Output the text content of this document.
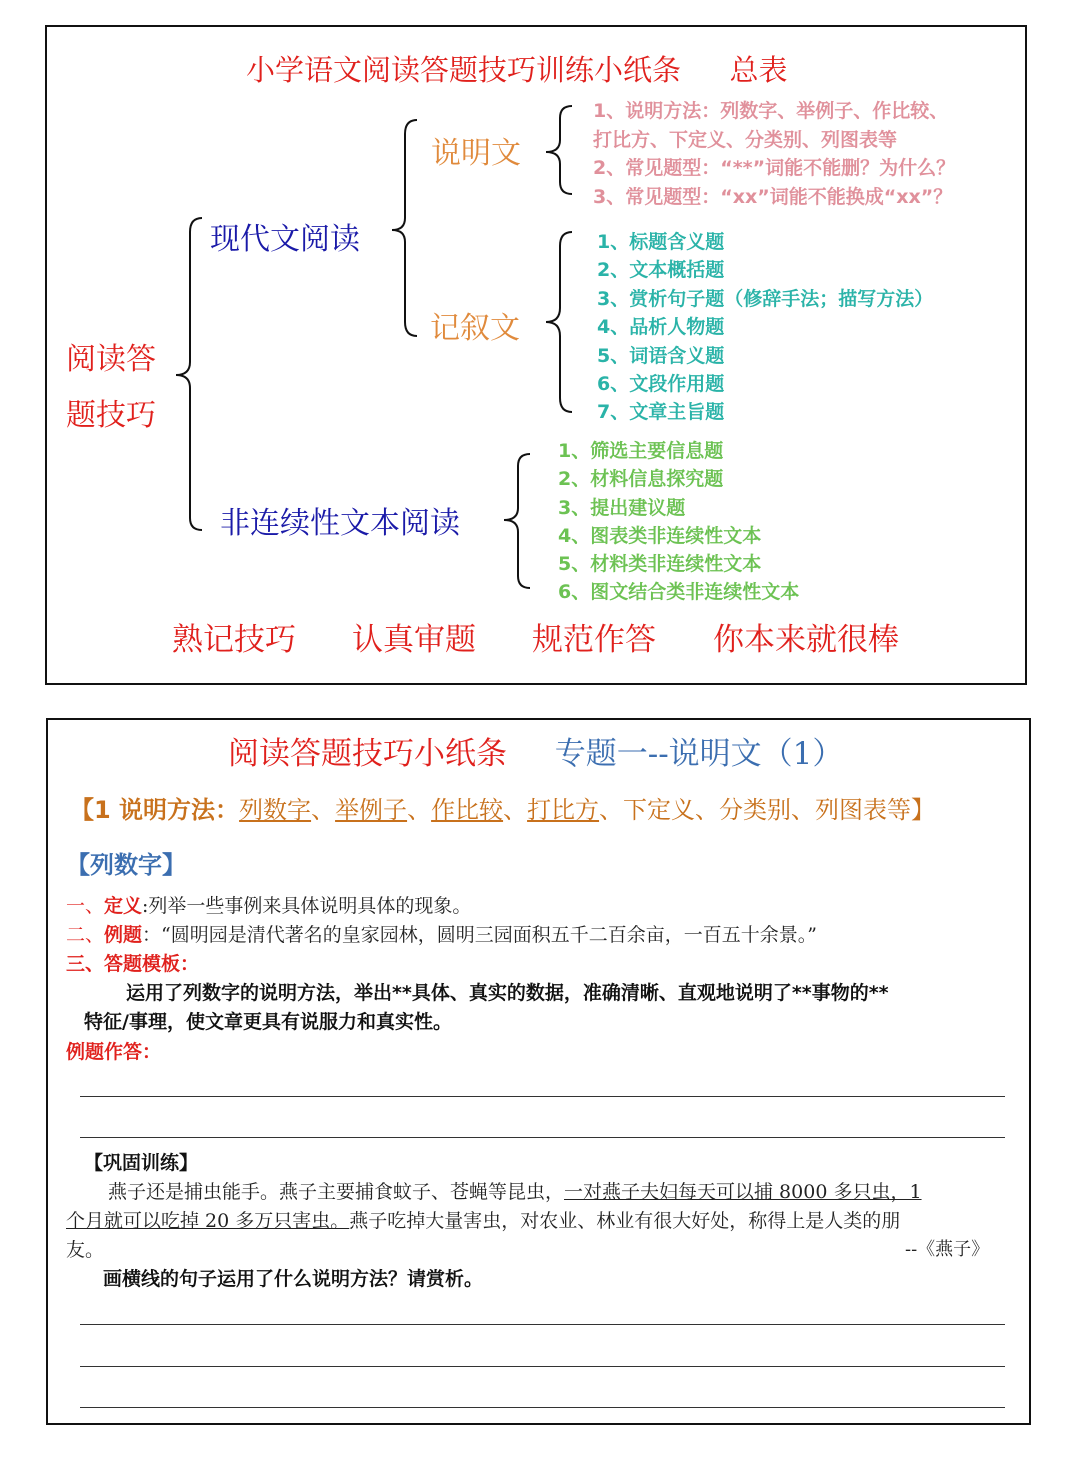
小学语文阅读答题技巧训练小纸条 总表
阅读答
题技巧
现代文阅读
非连续性文本阅读
说明文
记叙文
1、说明方法：列数字、举例子、作比较、
打比方、下定义、分类别、列图表等
2、常见题型：“**”词能不能删？为什么？
3、常见题型：“xx”词能不能换成“xx”？
1、标题含义题
2、文本概括题
3、赏析句子题（修辞手法；描写方法）
4、品析人物题
5、词语含义题
6、文段作用题
7、文章主旨题
1、筛选主要信息题
2、材料信息探究题
3、提出建议题
4、图表类非连续性文本
5、材料类非连续性文本
6、图文结合类非连续性文本
熟记技巧 认真审题 规范作答 你本来就很棒
阅读答题技巧小纸条 专题一--说明文（1）
【1 说明方法：列数字、举例子、作比较、打比方、下定义、分类别、列图表等】
【列数字】
一、定义:列举一些事例来具体说明具体的现象。
二、例题：“圆明园是清代著名的皇家园林，圆明三园面积五千二百余亩，一百五十余景。”
三、答题模板：
运用了列数字的说明方法，举出**具体、真实的数据，准确清晰、直观地说明了**事物的**
特征/事理，使文章更具有说服力和真实性。
例题作答：
【巩固训练】
燕子还是捕虫能手。燕子主要捕食蚊子、苍蝇等昆虫，一对燕子夫妇每天可以捕 8000 多只虫，1
个月就可以吃掉 20 多万只害虫。燕子吃掉大量害虫，对农业、林业有很大好处，称得上是人类的朋
友。	--《燕子》
画横线的句子运用了什么说明方法？请赏析。
